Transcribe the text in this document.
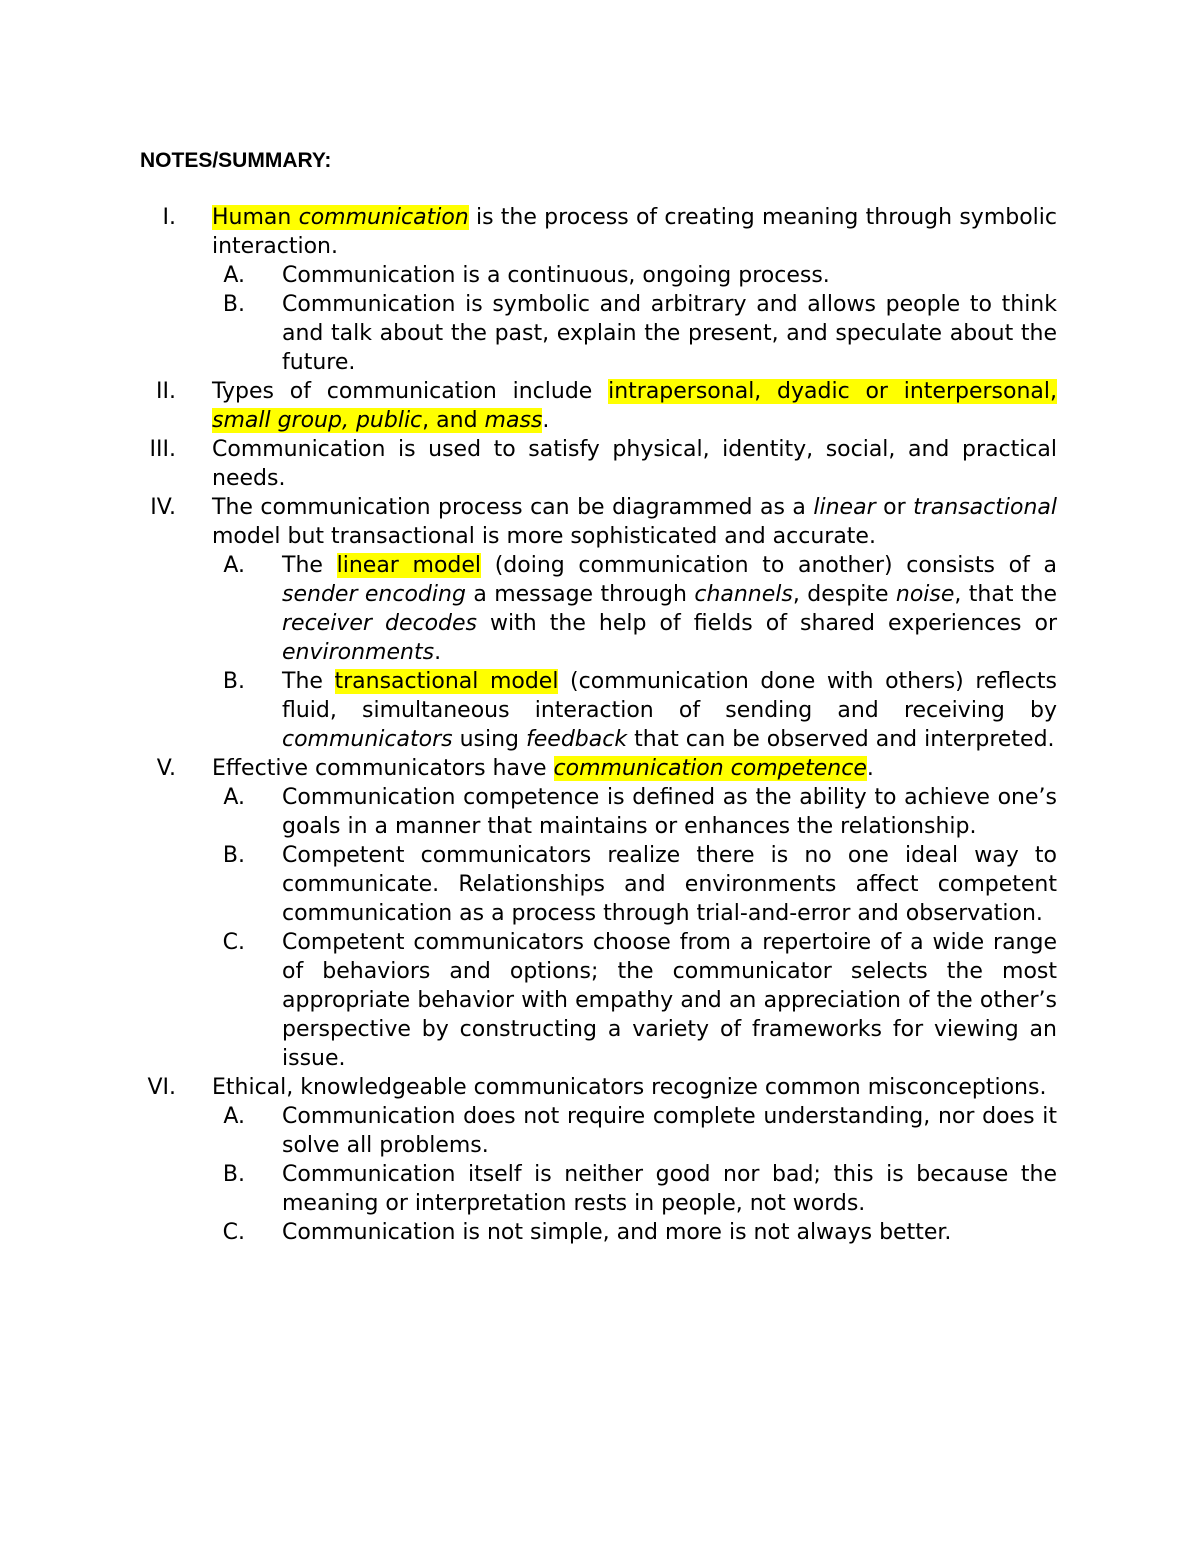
NOTES/SUMMARY:

I. Human communication is the process of creating meaning through symbolic interaction.

A. Communication is a continuous, ongoing process.

B. Communication is symbolic and arbitrary and allows people to think and talk about the past, explain the present, and speculate about the future.

II. Types of communication include intrapersonal, dyadic or interpersonal, small group, public, and mass.

III. Communication is used to satisfy physical, identity, social, and practical needs.

IV. The communication process can be diagrammed as a linear or transactional model but transactional is more sophisticated and accurate.

A. The linear model (doing communication to another) consists of a sender encoding a message through channels, despite noise, that the receiver decodes with the help of fields of shared experiences or environments.

B. The transactional model (communication done with others) reflects fluid, simultaneous interaction of sending and receiving by communicators using feedback that can be observed and interpreted.

V. Effective communicators have communication competence.

A. Communication competence is defined as the ability to achieve one’s goals in a manner that maintains or enhances the relationship.

B. Competent communicators realize there is no one ideal way to communicate. Relationships and environments affect competent communication as a process through trial-and-error and observation.

C. Competent communicators choose from a repertoire of a wide range of behaviors and options; the communicator selects the most appropriate behavior with empathy and an appreciation of the other’s perspective by constructing a variety of frameworks for viewing an issue.

VI. Ethical, knowledgeable communicators recognize common misconceptions.

A. Communication does not require complete understanding, nor does it solve all problems.

B. Communication itself is neither good nor bad; this is because the meaning or interpretation rests in people, not words.

C. Communication is not simple, and more is not always better.
